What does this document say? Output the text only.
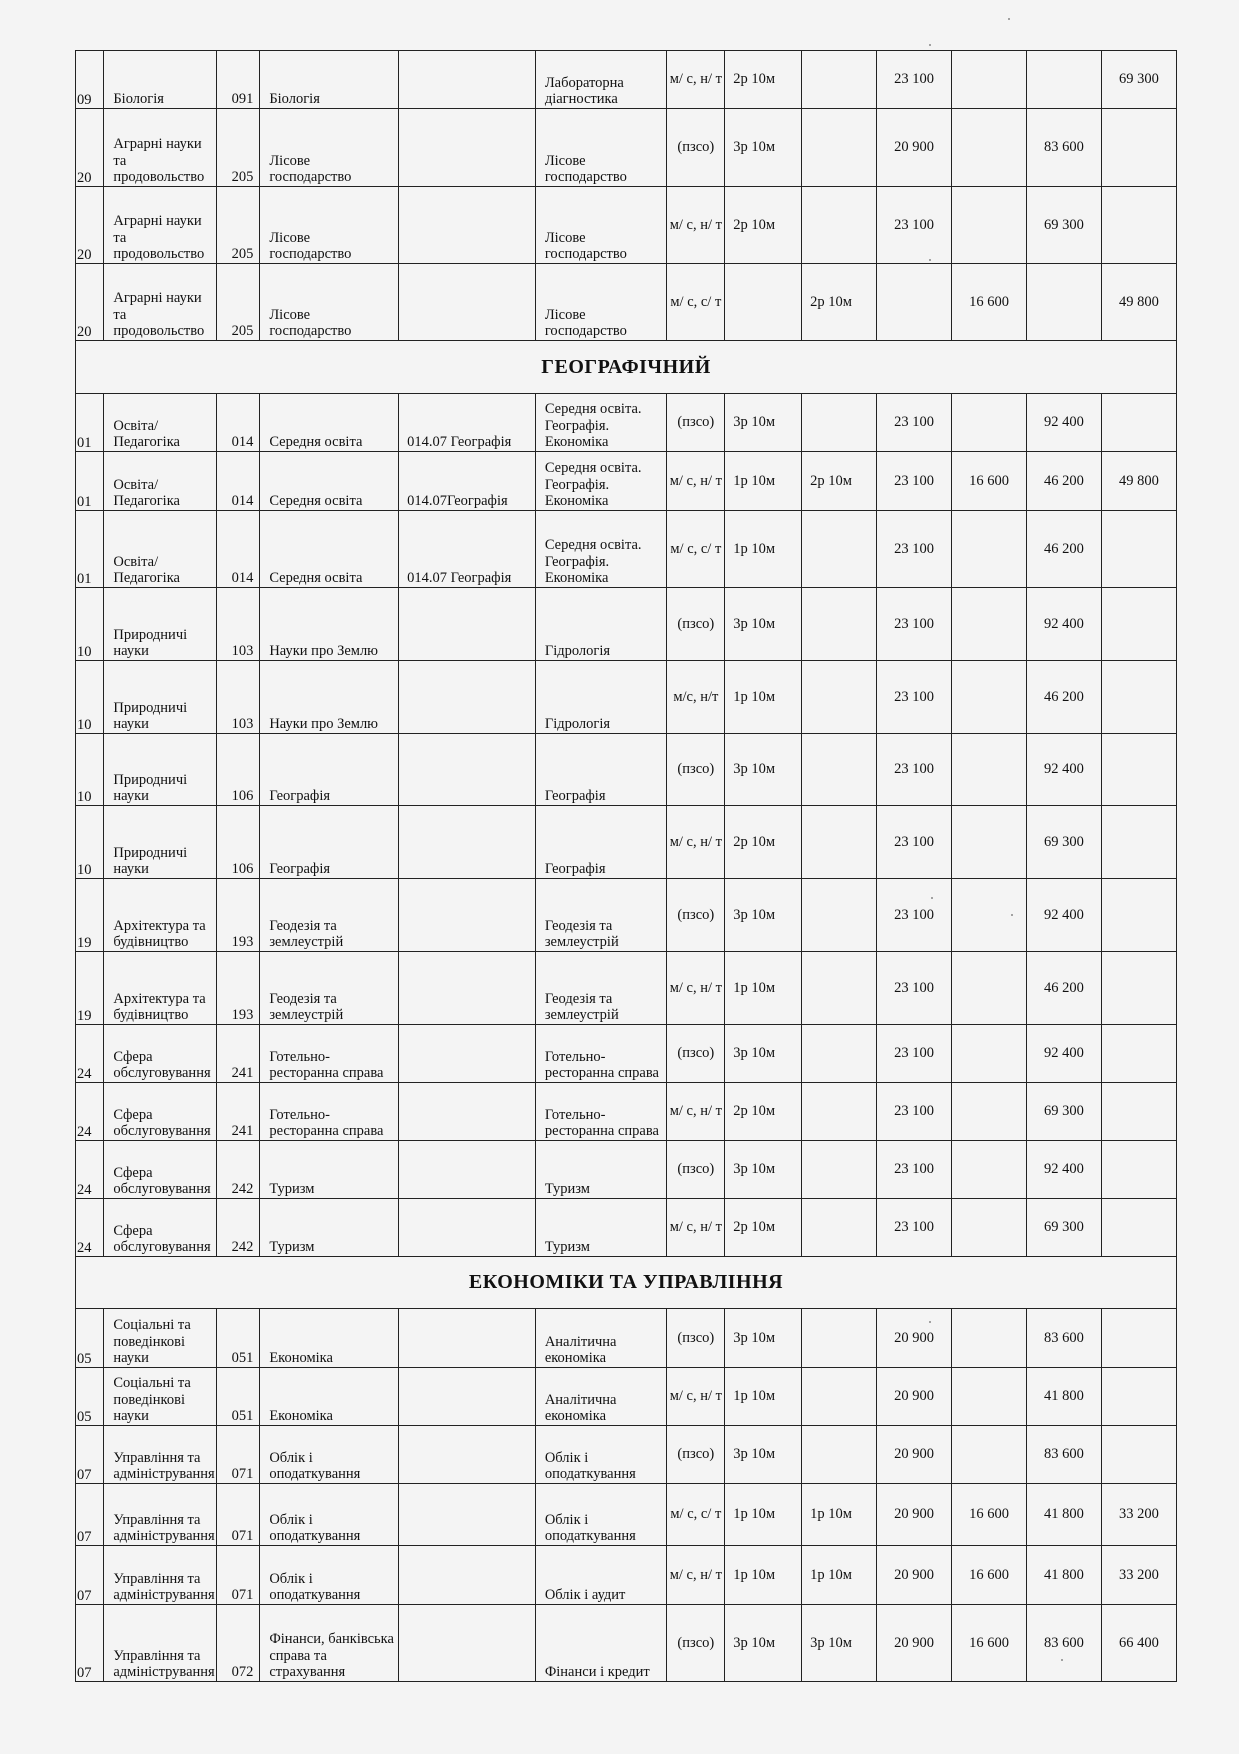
09	Біологія	091	Біологія		Лабораторна діагностика	м/ с, н/ т	2р 10м		23 100			69 300
20	Аграрні науки та продовольство	205	Лісове господарство		Лісове господарство	(пзсо)	3р 10м		20 900		83 600	
20	Аграрні науки та продовольство	205	Лісове господарство		Лісове господарство	м/ с, н/ т	2р 10м		23 100		69 300	
20	Аграрні науки та продовольство	205	Лісове господарство		Лісове господарство	м/ с, с/ т		2р 10м		16 600		49 800
ГЕОГРАФІЧНИЙ												
01	Освіта/ Педагогіка	014	Середня освіта	014.07 Географія	Середня освіта. Географія. Економіка	(пзсо)	3р 10м		23 100		92 400	
01	Освіта/ Педагогіка	014	Середня освіта	014.07Географія	Середня освіта. Географія. Економіка	м/ с, н/ т	1р 10м	2р 10м	23 100	16 600	46 200	49 800
01	Освіта/ Педагогіка	014	Середня освіта	014.07 Географія	Середня освіта. Географія. Економіка	м/ с, с/ т	1р 10м		23 100		46 200	
10	Природничі науки	103	Науки про Землю		Гідрологія	(пзсо)	3р 10м		23 100		92 400	
10	Природничі науки	103	Науки про Землю		Гідрологія	м/с, н/т	1р 10м		23 100		46 200	
10	Природничі науки	106	Географія		Географія	(пзсо)	3р 10м		23 100		92 400	
10	Природничі науки	106	Географія		Географія	м/ с, н/ т	2р 10м		23 100		69 300	
19	Архітектура та будівництво	193	Геодезія та землеустрій		Геодезія та землеустрій	(пзсо)	3р 10м		23 100		92 400	
19	Архітектура та будівництво	193	Геодезія та землеустрій		Геодезія та землеустрій	м/ с, н/ т	1р 10м		23 100		46 200	
24	Сфера обслуговування	241	Готельно-ресторанна справа		Готельно-ресторанна справа	(пзсо)	3р 10м		23 100		92 400	
24	Сфера обслуговування	241	Готельно-ресторанна справа		Готельно-ресторанна справа	м/ с, н/ т	2р 10м		23 100		69 300	
24	Сфера обслуговування	242	Туризм		Туризм	(пзсо)	3р 10м		23 100		92 400	
24	Сфера обслуговування	242	Туризм		Туризм	м/ с, н/ т	2р 10м		23 100		69 300	
ЕКОНОМІКИ ТА УПРАВЛІННЯ												
05	Соціальні та поведінкові науки	051	Економіка		Аналітична економіка	(пзсо)	3р 10м		20 900		83 600	
05	Соціальні та поведінкові науки	051	Економіка		Аналітична економіка	м/ с, н/ т	1р 10м		20 900		41 800	
07	Управління та адміністрування	071	Облік і оподаткування		Облік і оподаткування	(пзсо)	3р 10м		20 900		83 600	
07	Управління та адміністрування	071	Облік і оподаткування		Облік і оподаткування	м/ с, с/ т	1р 10м	1р 10м	20 900	16 600	41 800	33 200
07	Управління та адміністрування	071	Облік і оподаткування		Облік і аудит	м/ с, н/ т	1р 10м	1р 10м	20 900	16 600	41 800	33 200
07	Управління та адміністрування	072	Фінанси, банківська справа та страхування		Фінанси і кредит	(пзсо)	3р 10м	3р 10м	20 900	16 600	83 600	66 400
